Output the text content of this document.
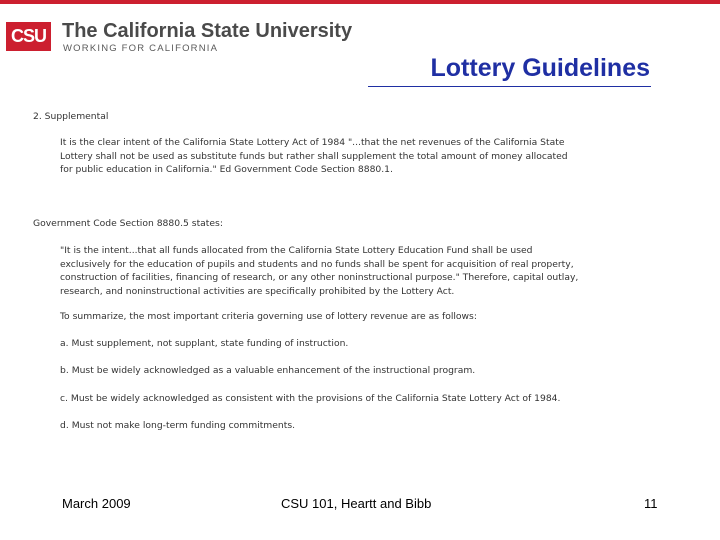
CSU The California State University
WORKING FOR CALIFORNIA
Lottery Guidelines
2. Supplemental
It is the clear intent of the California State Lottery Act of 1984 "...that the net revenues of the California State
Lottery shall not be used as substitute funds but rather shall supplement the total amount of money allocated
for public education in California." Ed Government Code Section 8880.1.
Government Code Section 8880.5 states:
"It is the intent...that all funds allocated from the California State Lottery Education Fund shall be used
exclusively for the education of pupils and students and no funds shall be spent for acquisition of real property,
construction of facilities, financing of research, or any other noninstructional purpose." Therefore, capital outlay,
research, and noninstructional activities are specifically prohibited by the Lottery Act.
To summarize, the most important criteria governing use of lottery revenue are as follows:
a. Must supplement, not supplant, state funding of instruction.
b. Must be widely acknowledged as a valuable enhancement of the instructional program.
c. Must be widely acknowledged as consistent with the provisions of the California State Lottery Act of 1984.
d. Must not make long-term funding commitments.
March 2009	CSU 101, Heartt and Bibb	11
